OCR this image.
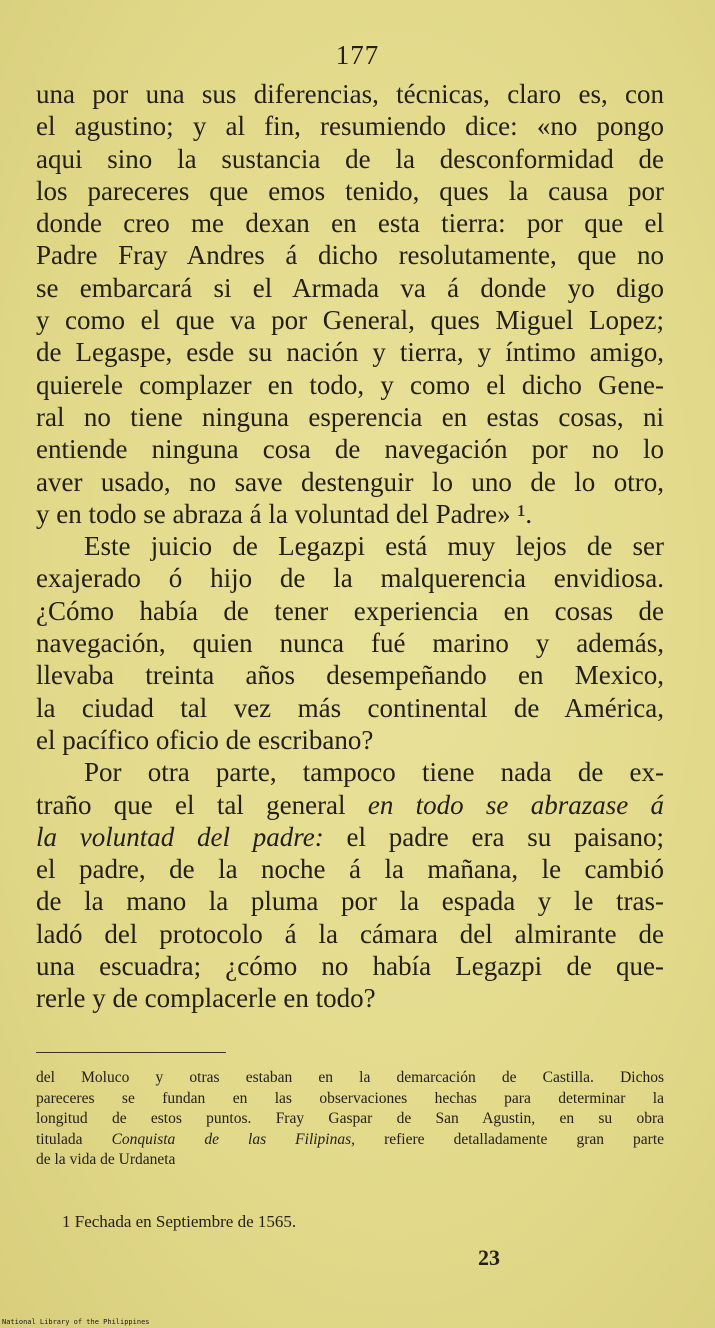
177
una por una sus diferencias, técnicas, claro es, con
el agustino; y al fin, resumiendo dice: «no pongo
aqui sino la sustancia de la desconformidad de
los pareceres que emos tenido, ques la causa por
donde creo me dexan en esta tierra: por que el
Padre Fray Andres á dicho resolutamente, que no
se embarcará si el Armada va á donde yo digo
y como el que va por General, ques Miguel Lopez;
de Legaspe, esde su nación y tierra, y íntimo amigo,
quierele complazer en todo, y como el dicho Gene-
ral no tiene ninguna esperencia en estas cosas, ni
entiende ninguna cosa de navegación por no lo
aver usado, no save destenguir lo uno de lo otro,
y en todo se abraza á la voluntad del Padre» ¹.
Este juicio de Legazpi está muy lejos de ser
exajerado ó hijo de la malquerencia envidiosa.
¿Cómo había de tener experiencia en cosas de
navegación, quien nunca fué marino y además,
llevaba treinta años desempeñando en Mexico,
la ciudad tal vez más continental de América,
el pacífico oficio de escribano?
Por otra parte, tampoco tiene nada de ex-
traño que el tal general en todo se abrazase á
la voluntad del padre: el padre era su paisano;
el padre, de la noche á la mañana, le cambió
de la mano la pluma por la espada y le tras-
ladó del protocolo á la cámara del almirante de
una escuadra; ¿cómo no había Legazpi de que-
rerle y de complacerle en todo?
del Moluco y otras estaban en la demarcación de Castilla. Dichos
pareceres se fundan en las observaciones hechas para determinar la
longitud de estos puntos. Fray Gaspar de San Agustin, en su obra
titulada Conquista de las Filipinas, refiere detalladamente gran parte
de la vida de Urdaneta
1 Fechada en Septiembre de 1565.
23
National Library of the Philippines
